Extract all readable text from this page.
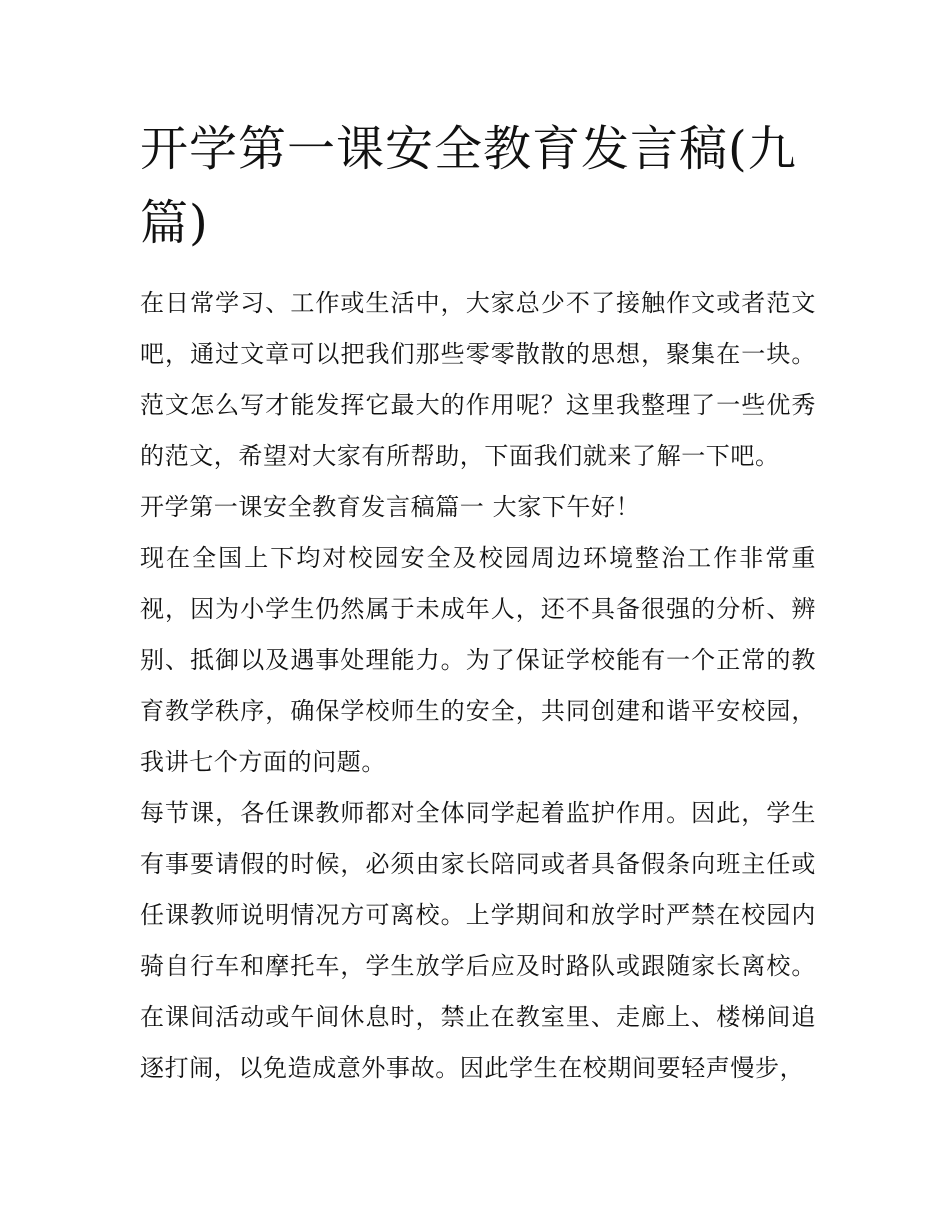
开学第一课安全教育发言稿(九篇)

在日常学习、工作或生活中，大家总少不了接触作文或者范文吧，通过文章可以把我们那些零零散散的思想，聚集在一块。范文怎么写才能发挥它最大的作用呢？这里我整理了一些优秀的范文，希望对大家有所帮助，下面我们就来了解一下吧。

开学第一课安全教育发言稿篇一 大家下午好！

现在全国上下均对校园安全及校园周边环境整治工作非常重视，因为小学生仍然属于未成年人，还不具备很强的分析、辨别、抵御以及遇事处理能力。为了保证学校能有一个正常的教育教学秩序，确保学校师生的安全，共同创建和谐平安校园，我讲七个方面的问题。

每节课，各任课教师都对全体同学起着监护作用。因此，学生有事要请假的时候，必须由家长陪同或者具备假条向班主任或任课教师说明情况方可离校。上学期间和放学时严禁在校园内骑自行车和摩托车，学生放学后应及时路队或跟随家长离校。在课间活动或午间休息时，禁止在教室里、走廊上、楼梯间追逐打闹，以免造成意外事故。因此学生在校期间要轻声慢步，
